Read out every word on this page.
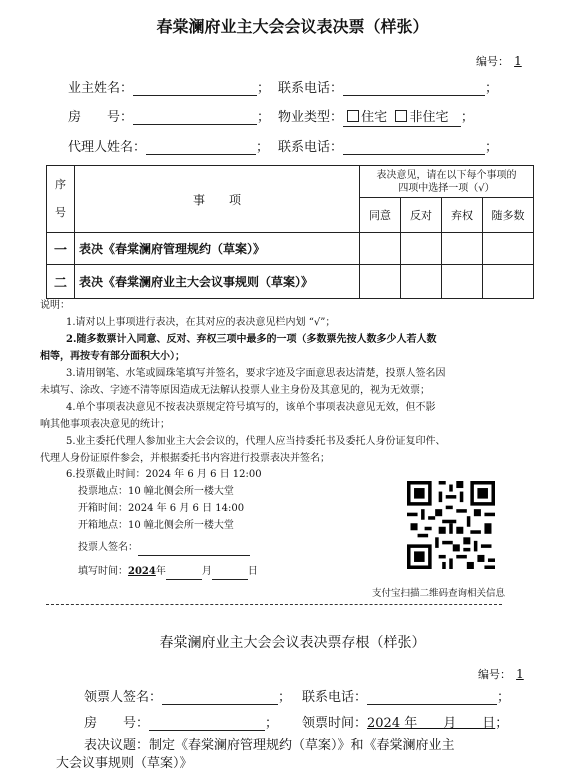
春棠澜府业主大会会议表决票（样张）
编号： 1
业主姓名：	； 联系电话：	；
房　　号：	； 物业类型： 住宅 非住宅 ；
代理人姓名：	； 联系电话：	；
序
号	事　　项	表决意见，请在以下每个事项的
四项中选择一项（√）			
		同意	反对	弃权	随多数
一	表决《春棠澜府管理规约（草案）》				
二	表决《春棠澜府业主大会议事规则（草案）》				
说明：
1.请对以上事项进行表决，在其对应的表决意见栏内划 “√”；
2.随多数票计入同意、反对、弃权三项中最多的一项（多数票先按人数多少人若人数
相等，再按专有部分面积大小）；
3.请用钢笔、水笔或圆珠笔填写并签名，要求字迹及字面意思表达清楚，投票人签名因
未填写、涂改、字迹不清等原因造成无法解认投票人业主身份及其意见的，视为无效票；
4.单个事项表决意见不按表决票规定符号填写的，该单个事项表决意见无效，但不影
响其他事项表决意见的统计；
5.业主委托代理人参加业主大会会议的，代理人应当持委托书及委托人身份证复印件、
代理人身份证原件参会，并根据委托书内容进行投票表决并签名；
6.投票截止时间：2024 年 6 月 6 日 12:00
投票地点：10 幢北侧会所一楼大堂
开箱时间：2024 年 6 月 6 日 14:00
开箱地点：10 幢北侧会所一楼大堂
投票人签名：
填写时间：2024年	月	日
支付宝扫描二维码查询相关信息
春棠澜府业主大会会议表决票存根（样张）
编号： 1
领票人签名：	； 联系电话：	；
房　　号：	； 领票时间：2024 年　　月　　日；
表决议题：制定《春棠澜府管理规约（草案）》和《春棠澜府业主
大会议事规则（草案）》
